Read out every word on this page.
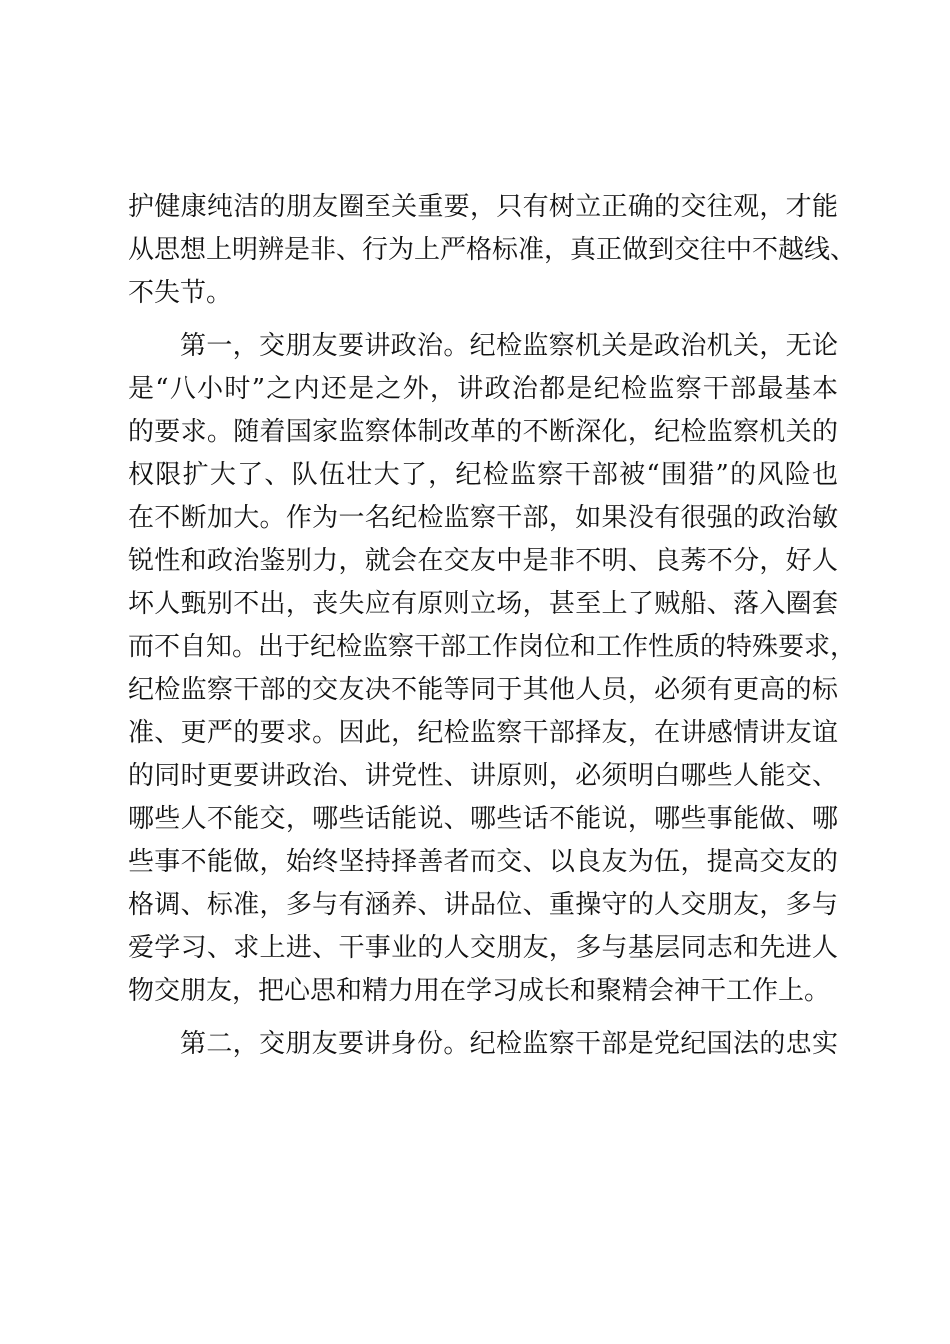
护健康纯洁的朋友圈至关重要，只有树立正确的交往观，才能
从思想上明辨是非、行为上严格标准，真正做到交往中不越线、
不失节。
第一，交朋友要讲政治。纪检监察机关是政治机关，无论
是“八小时”之内还是之外，讲政治都是纪检监察干部最基本
的要求。随着国家监察体制改革的不断深化，纪检监察机关的
权限扩大了、队伍壮大了，纪检监察干部被“围猎”的风险也
在不断加大。作为一名纪检监察干部，如果没有很强的政治敏
锐性和政治鉴别力，就会在交友中是非不明、良莠不分，好人
坏人甄别不出，丧失应有原则立场，甚至上了贼船、落入圈套
而不自知。出于纪检监察干部工作岗位和工作性质的特殊要求，
纪检监察干部的交友决不能等同于其他人员，必须有更高的标
准、更严的要求。因此，纪检监察干部择友，在讲感情讲友谊
的同时更要讲政治、讲党性、讲原则，必须明白哪些人能交、
哪些人不能交，哪些话能说、哪些话不能说，哪些事能做、哪
些事不能做，始终坚持择善者而交、以良友为伍，提高交友的
格调、标准，多与有涵养、讲品位、重操守的人交朋友，多与
爱学习、求上进、干事业的人交朋友，多与基层同志和先进人
物交朋友，把心思和精力用在学习成长和聚精会神干工作上。
第二，交朋友要讲身份。纪检监察干部是党纪国法的忠实
